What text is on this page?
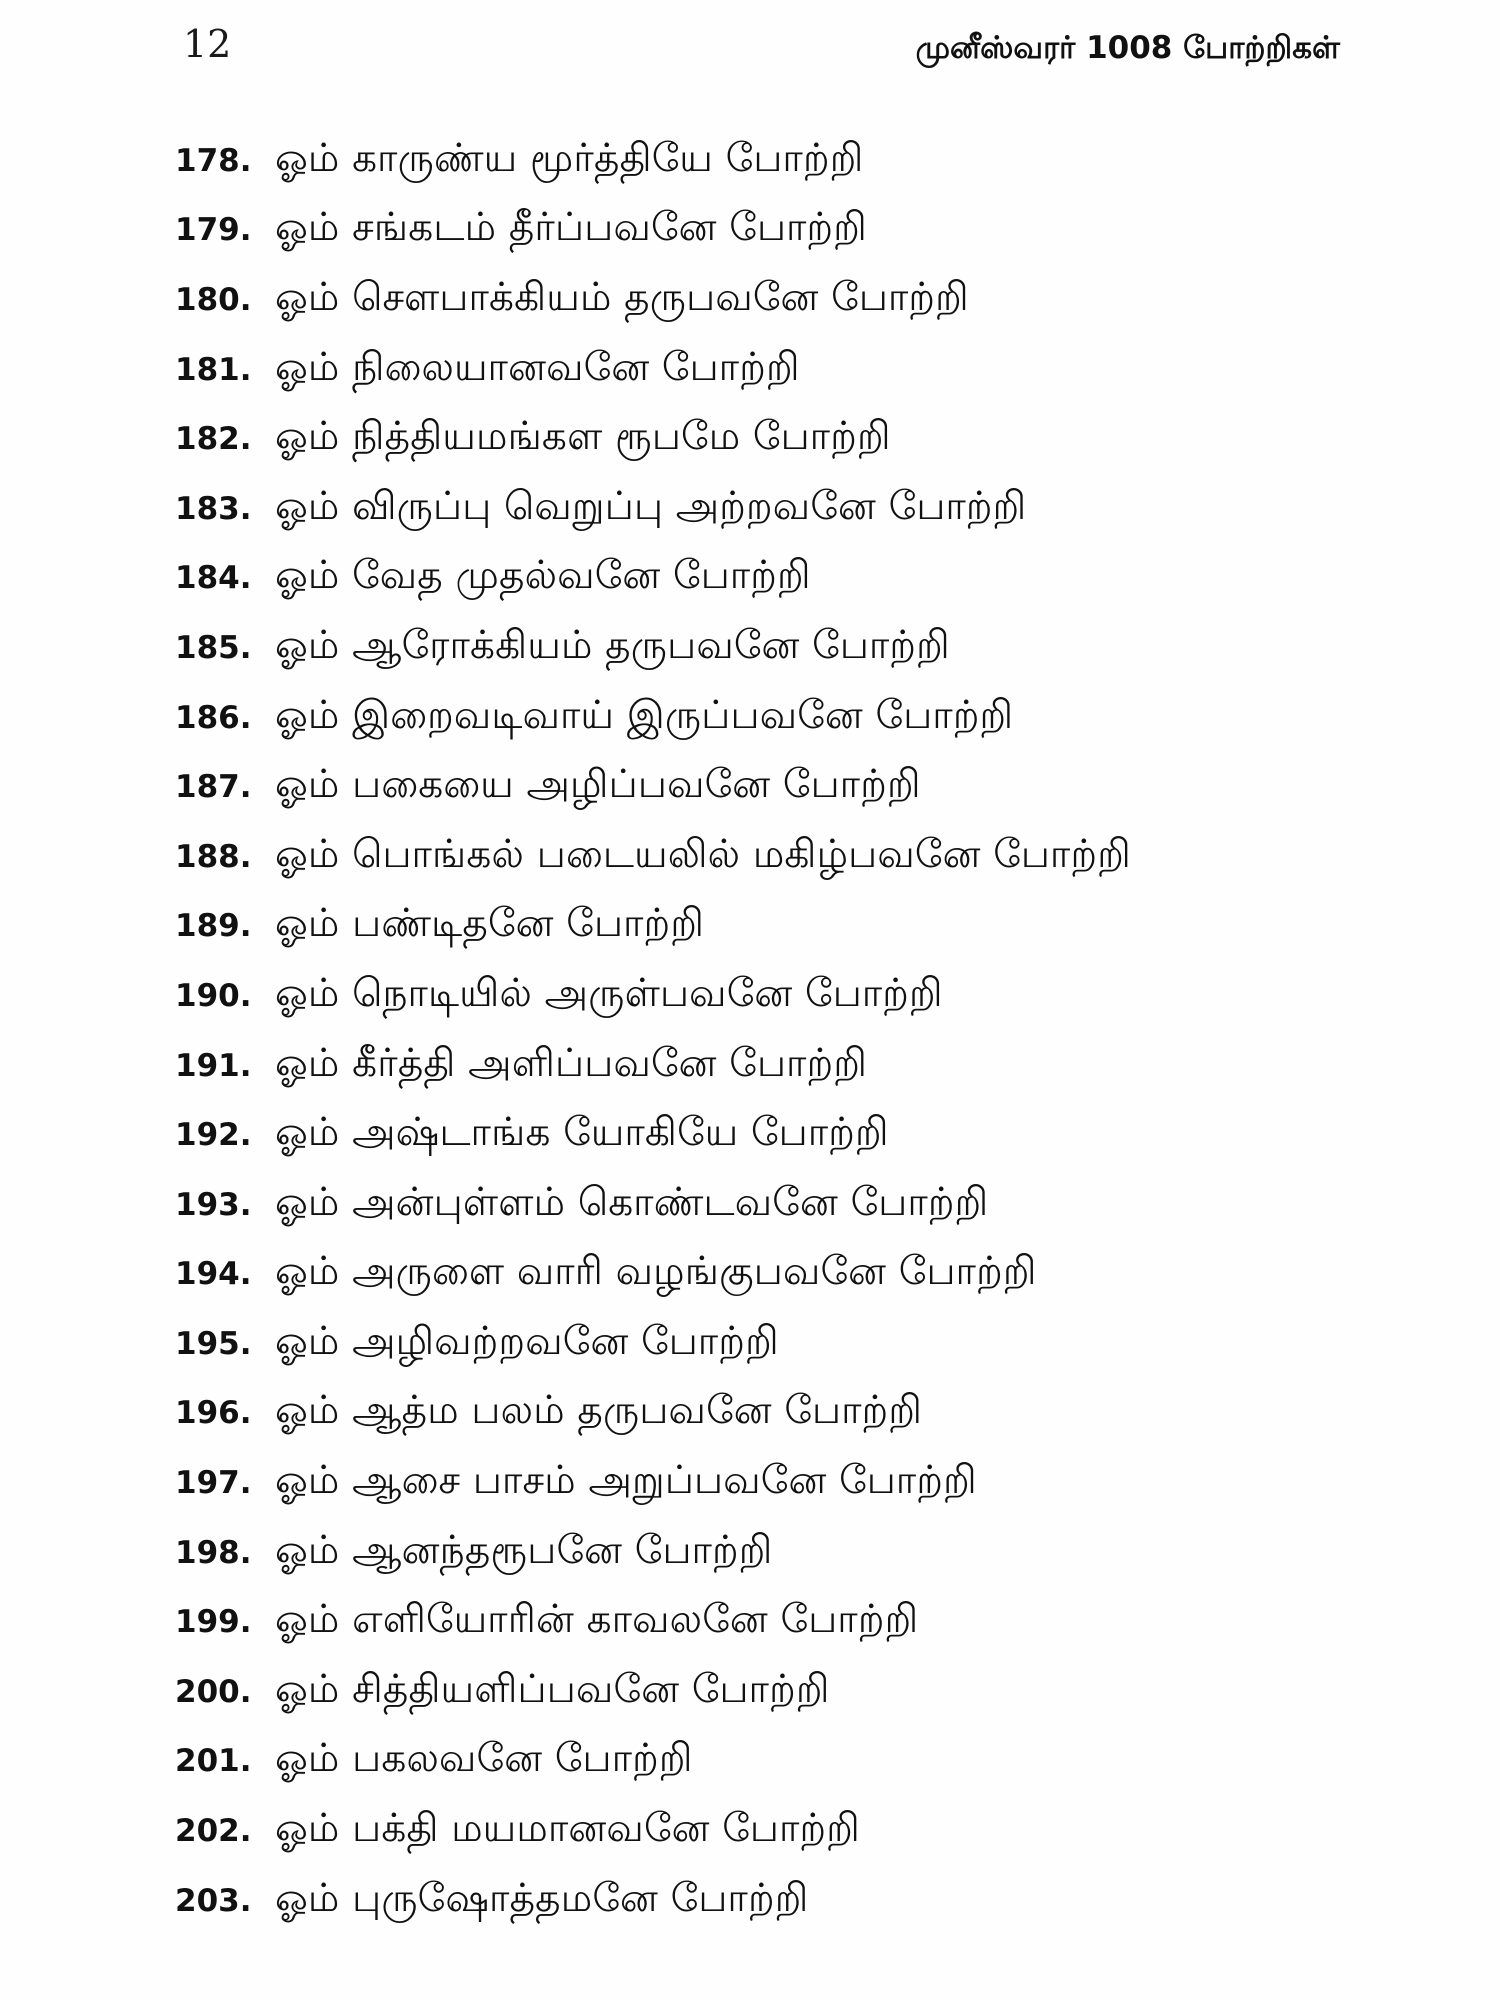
12	முனீஸ்வரர் 1008 போற்றிகள்
178. ஓம் காருண்ய மூர்த்தியே போற்றி
179. ஓம் சங்கடம் தீர்ப்பவனே போற்றி
180. ஓம் சௌபாக்கியம் தருபவனே போற்றி
181. ஓம் நிலையானவனே போற்றி
182. ஓம் நித்தியமங்கள ரூபமே போற்றி
183. ஓம் விருப்பு வெறுப்பு அற்றவனே போற்றி
184. ஓம் வேத முதல்வனே போற்றி
185. ஓம் ஆரோக்கியம் தருபவனே போற்றி
186. ஓம் இறைவடிவாய் இருப்பவனே போற்றி
187. ஓம் பகையை அழிப்பவனே போற்றி
188. ஓம் பொங்கல் படையலில் மகிழ்பவனே போற்றி
189. ஓம் பண்டிதனே போற்றி
190. ஓம் நொடியில் அருள்பவனே போற்றி
191. ஓம் கீர்த்தி அளிப்பவனே போற்றி
192. ஓம் அஷ்டாங்க யோகியே போற்றி
193. ஓம் அன்புள்ளம் கொண்டவனே போற்றி
194. ஓம் அருளை வாரி வழங்குபவனே போற்றி
195. ஓம் அழிவற்றவனே போற்றி
196. ஓம் ஆத்ம பலம் தருபவனே போற்றி
197. ஓம் ஆசை பாசம் அறுப்பவனே போற்றி
198. ஓம் ஆனந்தரூபனே போற்றி
199. ஓம் எளியோரின் காவலனே போற்றி
200. ஓம் சித்தியளிப்பவனே போற்றி
201. ஓம் பகலவனே போற்றி
202. ஓம் பக்தி மயமானவனே போற்றி
203. ஓம் புருஷோத்தமனே போற்றி
